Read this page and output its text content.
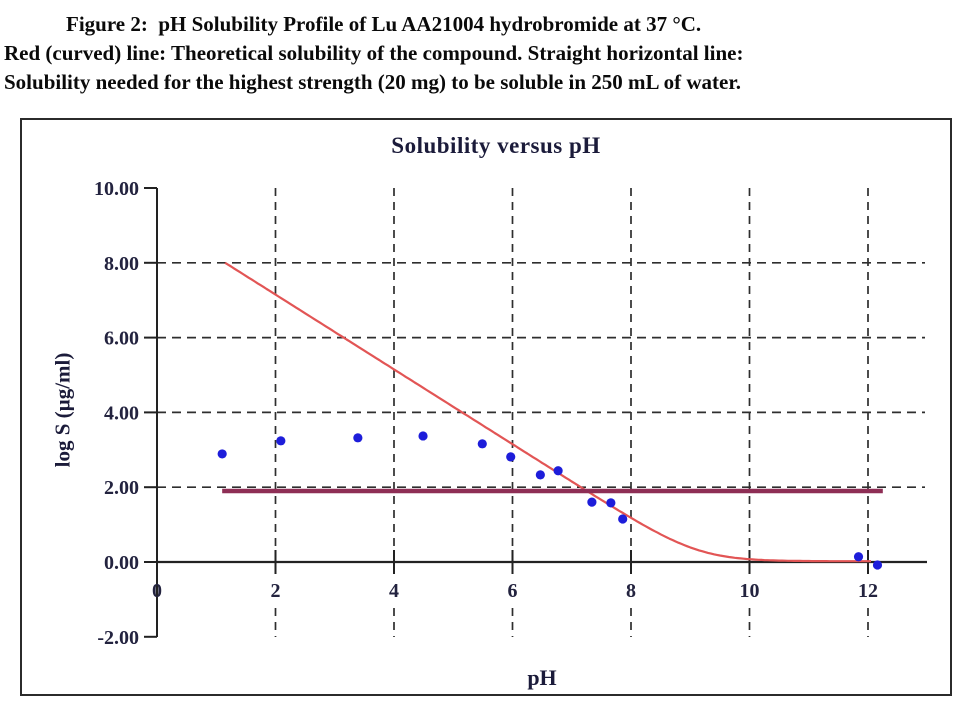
Figure 2:  pH Solubility Profile of Lu AA21004 hydrobromide at 37 °C.
Red (curved) line: Theoretical solubility of the compound. Straight horizontal line:
Solubility needed for the highest strength (20 mg) to be soluble in 250 mL of water.
Solubility versus pH
10.00
8.00
6.00
4.00
2.00
0.00
-2.00
0	2	4	6	8	10	12
log S (µg/ml)
pH
